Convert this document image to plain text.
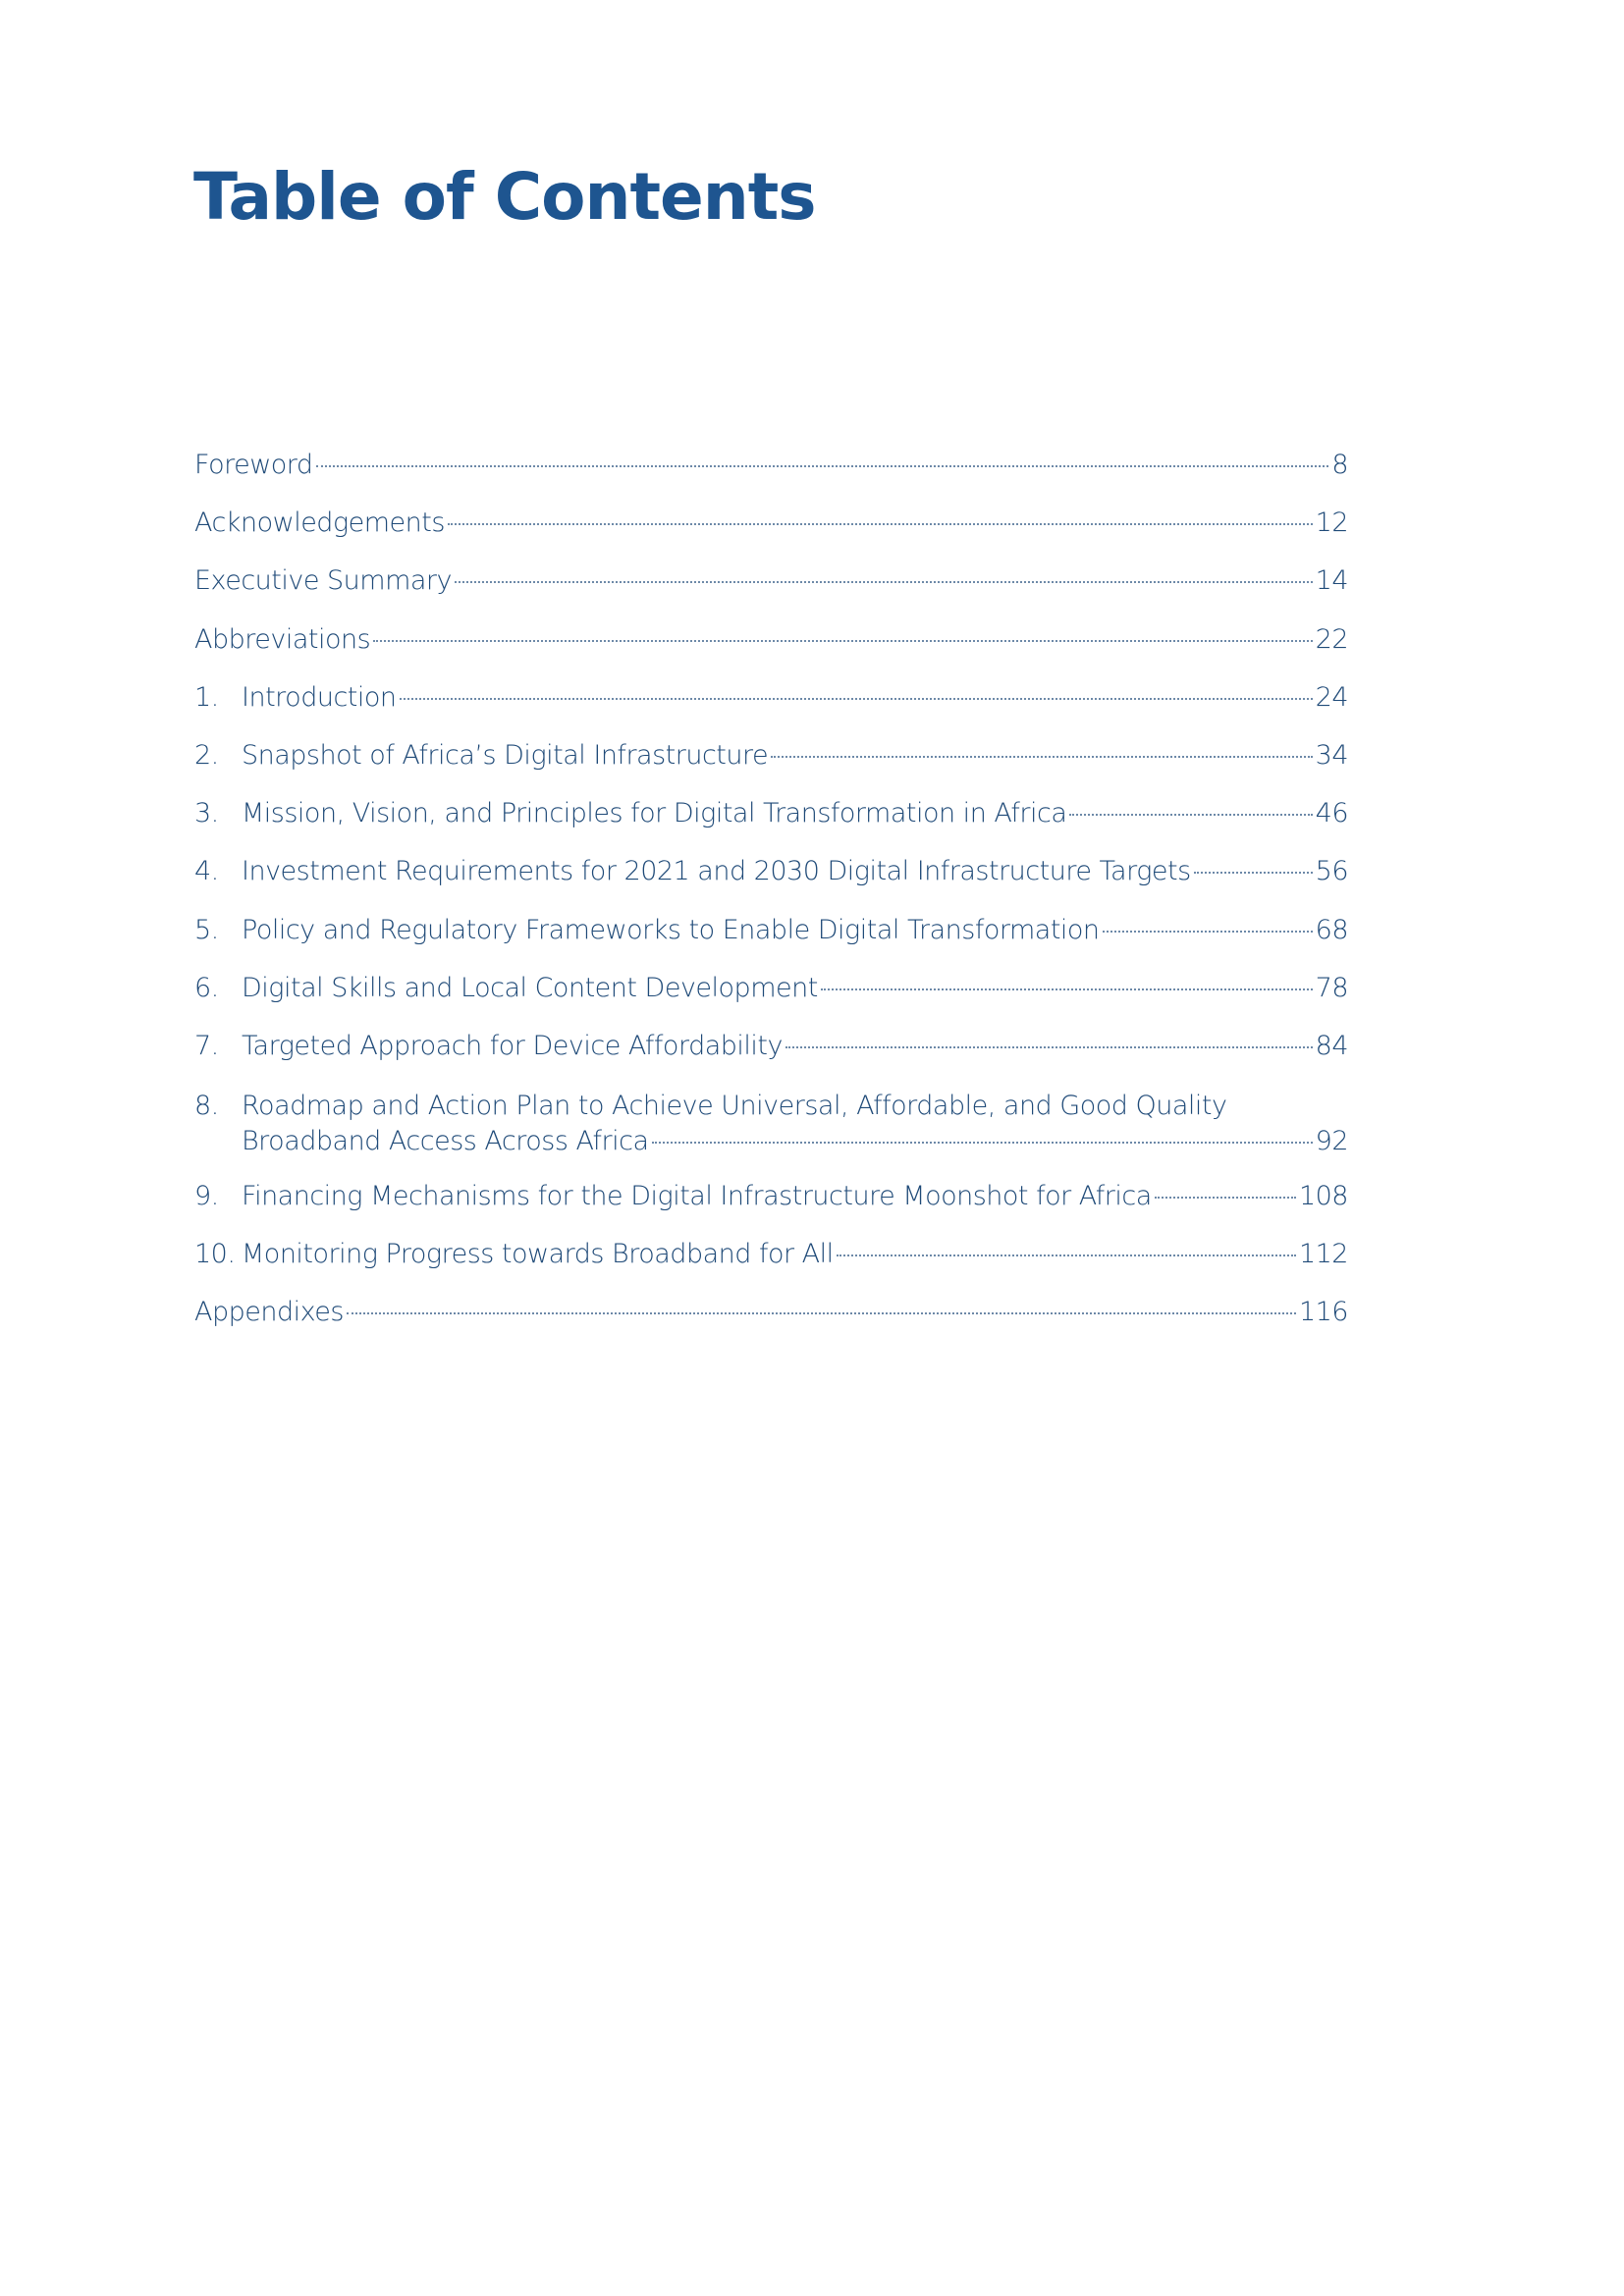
Table of Contents
Foreword	8
Acknowledgements	12
Executive Summary	14
Abbreviations	22
1. Introduction	24
2. Snapshot of Africa’s Digital Infrastructure	34
3. Mission, Vision, and Principles for Digital Transformation in Africa	46
4. Investment Requirements for 2021 and 2030 Digital Infrastructure Targets	56
5. Policy and Regulatory Frameworks to Enable Digital Transformation	68
6. Digital Skills and Local Content Development	78
7. Targeted Approach for Device Affordability	84
8. Roadmap and Action Plan to Achieve Universal, Affordable, and Good Quality
Broadband Access Across Africa	92
9. Financing Mechanisms for the Digital Infrastructure Moonshot for Africa	108
10. Monitoring Progress towards Broadband for All	112
Appendixes	116
